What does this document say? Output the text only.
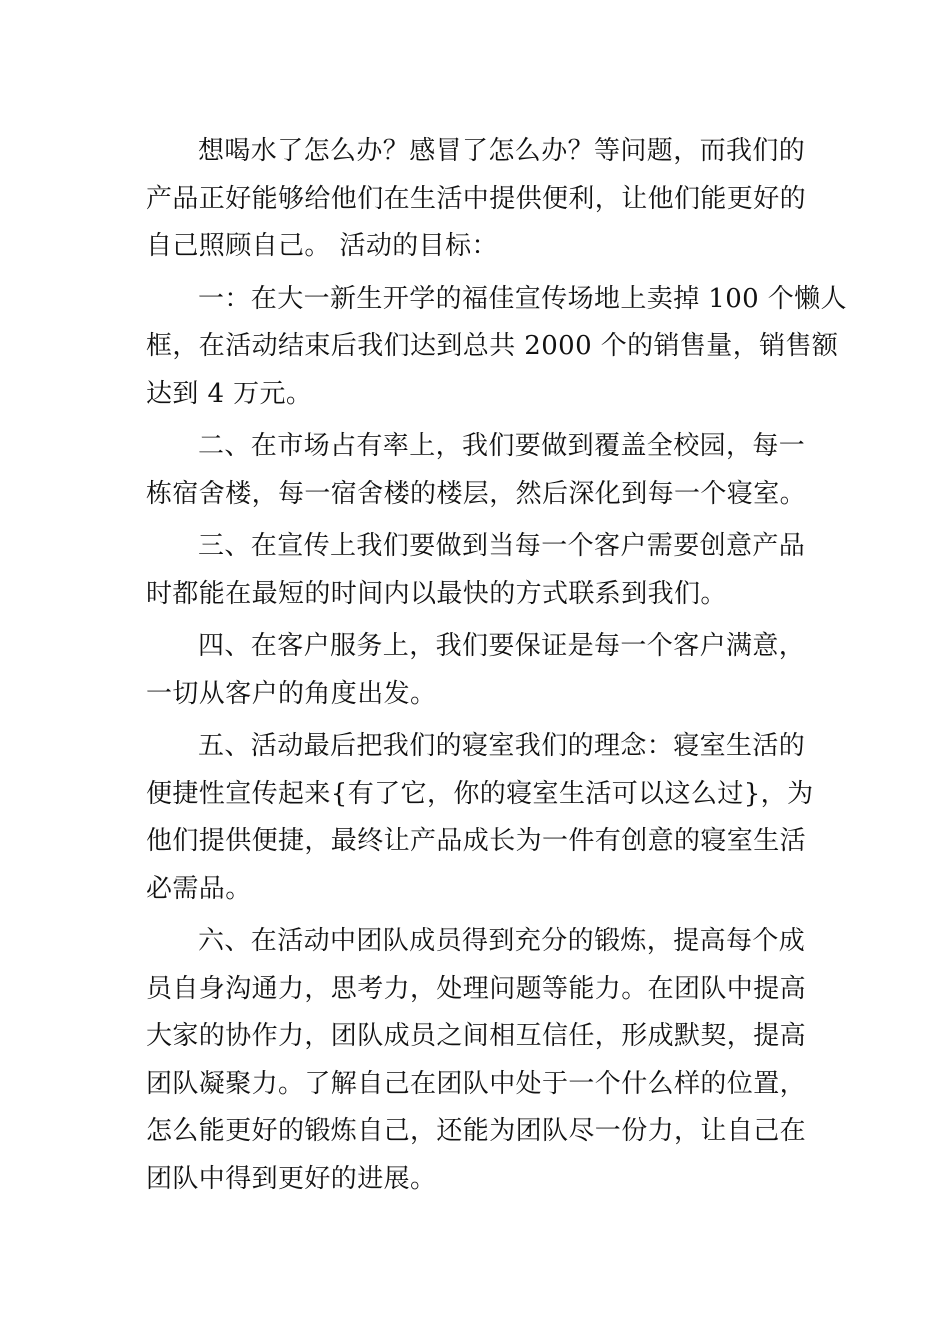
想喝水了怎么办？感冒了怎么办？等问题，而我们的
产品正好能够给他们在生活中提供便利，让他们能更好的
自己照顾自己。 活动的目标：

一：在大一新生开学的福佳宣传场地上卖掉 100 个懒人
框，在活动结束后我们达到总共 2000 个的销售量，销售额
达到 4 万元。

二、在市场占有率上，我们要做到覆盖全校园，每一
栋宿舍楼，每一宿舍楼的楼层，然后深化到每一个寝室。

三、在宣传上我们要做到当每一个客户需要创意产品
时都能在最短的时间内以最快的方式联系到我们。

四、在客户服务上，我们要保证是每一个客户满意，
一切从客户的角度出发。

五、活动最后把我们的寝室我们的理念：寝室生活的
便捷性宣传起来{有了它，你的寝室生活可以这么过}，为
他们提供便捷，最终让产品成长为一件有创意的寝室生活
必需品。

六、在活动中团队成员得到充分的锻炼，提高每个成
员自身沟通力，思考力，处理问题等能力。在团队中提高
大家的协作力，团队成员之间相互信任，形成默契，提高
团队凝聚力。了解自己在团队中处于一个什么样的位置，
怎么能更好的锻炼自己，还能为团队尽一份力，让自己在
团队中得到更好的进展。
